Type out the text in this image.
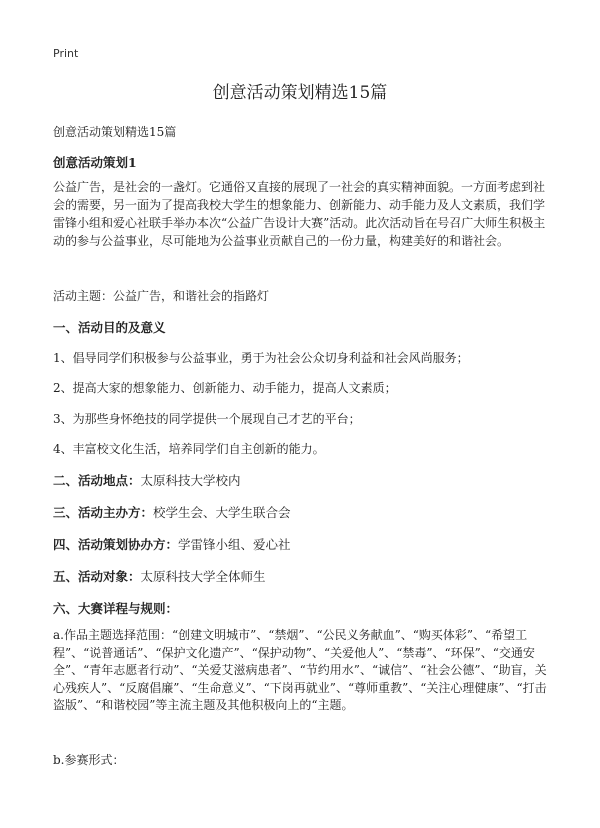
Print
创意活动策划精选15篇
创意活动策划精选15篇
创意活动策划1

公益广告，是社会的一盏灯。它通俗又直接的展现了一社会的真实精神面貌。一方面考虑到社会的需要，另一面为了提高我校大学生的想象能力、创新能力、动手能力及人文素质，我们学雷锋小组和爱心社联手举办本次“公益广告设计大赛”活动。此次活动旨在号召广大师生积极主动的参与公益事业，尽可能地为公益事业贡献自己的一份力量，构建美好的和谐社会。

活动主题：公益广告，和谐社会的指路灯
一、活动目的及意义
1、倡导同学们积极参与公益事业，勇于为社会公众切身利益和社会风尚服务；
2、提高大家的想象能力、创新能力、动手能力，提高人文素质；
3、为那些身怀绝技的同学提供一个展现自己才艺的平台；
4、丰富校文化生活，培养同学们自主创新的能力。
二、活动地点：太原科技大学校内
三、活动主办方：校学生会、大学生联合会
四、活动策划协办方：学雷锋小组、爱心社
五、活动对象：太原科技大学全体师生
六、大赛详程与规则：

a.作品主题选择范围：“创建文明城市”、“禁烟”、“公民义务献血”、“购买体彩”、“希望工程”、“说普通话”、“保护文化遗产”、“保护动物”、“关爱他人”、“禁毒”、“环保”、“交通安全”、“青年志愿者行动”、“关爱艾滋病患者”、“节约用水”、“诚信”、“社会公德”、“助盲，关心残疾人”、“反腐倡廉”、“生命意义”、“下岗再就业”、“尊师重教”、“关注心理健康”、“打击盗版”、“和谐校园”等主流主题及其他积极向上的“主题。

b.参赛形式：
